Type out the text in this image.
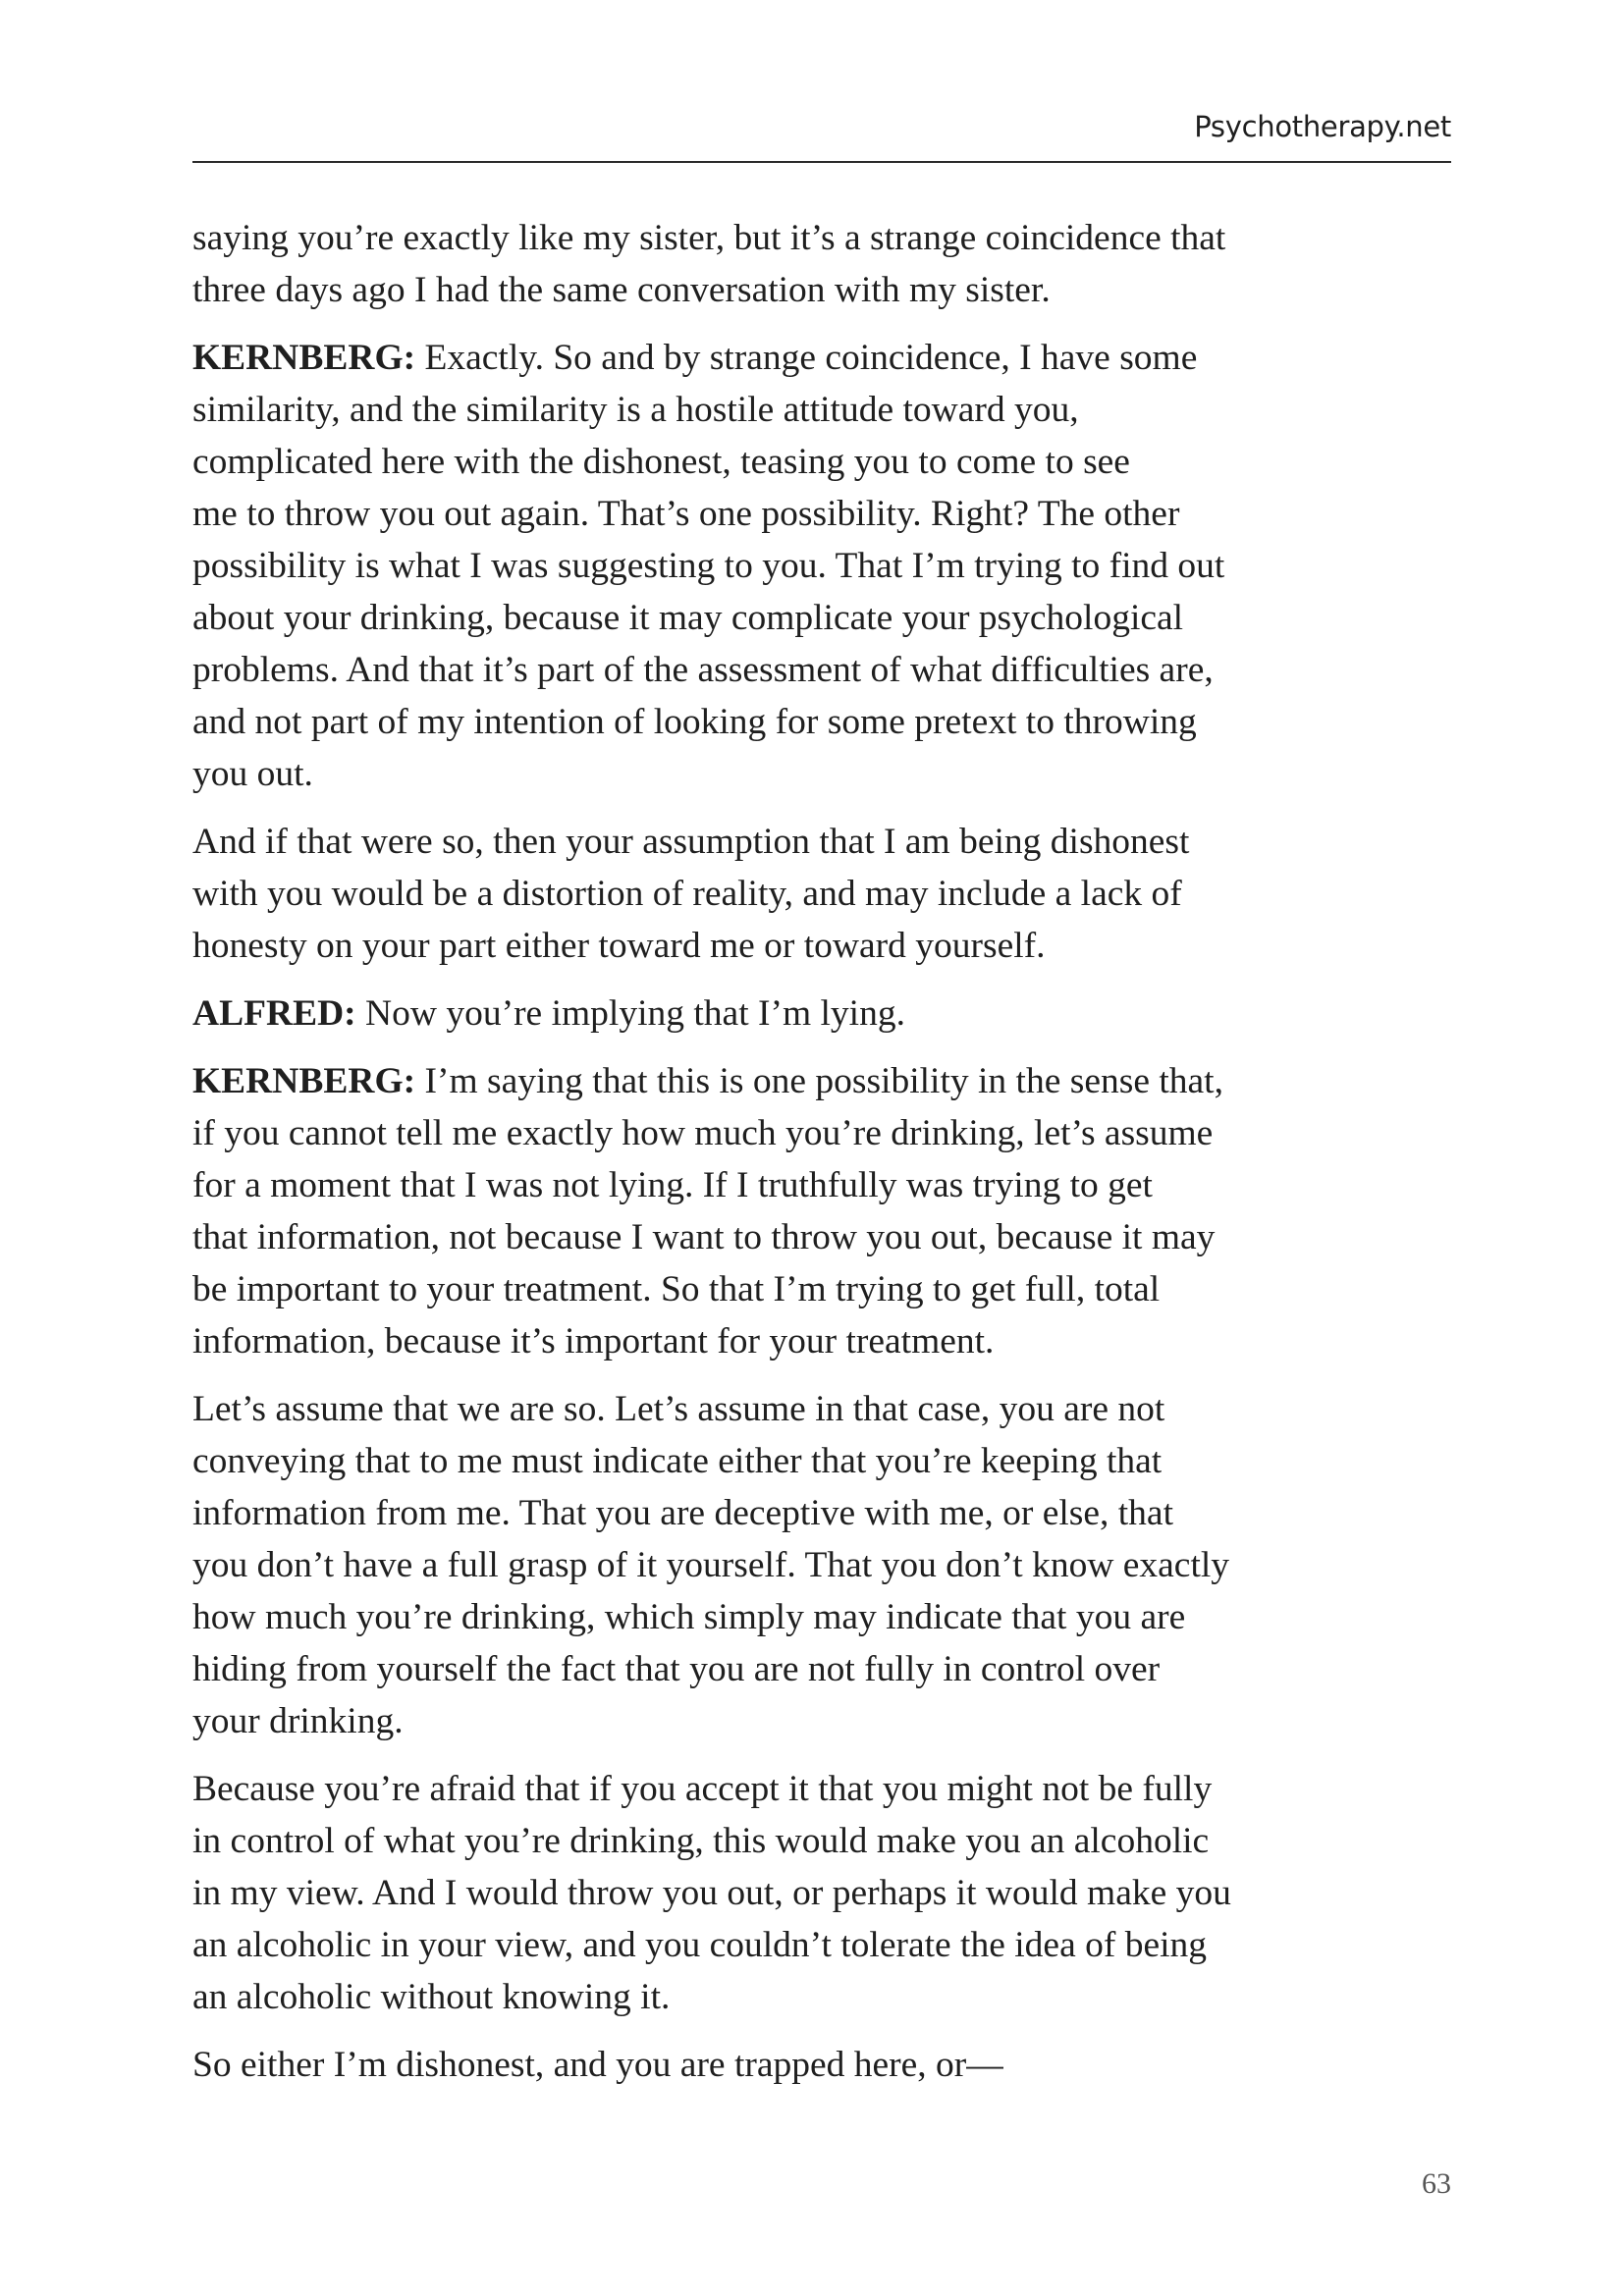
Psychotherapy.net

saying you’re exactly like my sister, but it’s a strange coincidence that
three days ago I had the same conversation with my sister.

KERNBERG: Exactly. So and by strange coincidence, I have some
similarity, and the similarity is a hostile attitude toward you,
complicated here with the dishonest, teasing you to come to see
me to throw you out again. That’s one possibility. Right? The other
possibility is what I was suggesting to you. That I’m trying to find out
about your drinking, because it may complicate your psychological
problems. And that it’s part of the assessment of what difficulties are,
and not part of my intention of looking for some pretext to throwing
you out.

And if that were so, then your assumption that I am being dishonest
with you would be a distortion of reality, and may include a lack of
honesty on your part either toward me or toward yourself.

ALFRED: Now you’re implying that I’m lying.

KERNBERG: I’m saying that this is one possibility in the sense that,
if you cannot tell me exactly how much you’re drinking, let’s assume
for a moment that I was not lying. If I truthfully was trying to get
that information, not because I want to throw you out, because it may
be important to your treatment. So that I’m trying to get full, total
information, because it’s important for your treatment.

Let’s assume that we are so. Let’s assume in that case, you are not
conveying that to me must indicate either that you’re keeping that
information from me. That you are deceptive with me, or else, that
you don’t have a full grasp of it yourself. That you don’t know exactly
how much you’re drinking, which simply may indicate that you are
hiding from yourself the fact that you are not fully in control over
your drinking.

Because you’re afraid that if you accept it that you might not be fully
in control of what you’re drinking, this would make you an alcoholic
in my view. And I would throw you out, or perhaps it would make you
an alcoholic in your view, and you couldn’t tolerate the idea of being
an alcoholic without knowing it.

So either I’m dishonest, and you are trapped here, or—

63
